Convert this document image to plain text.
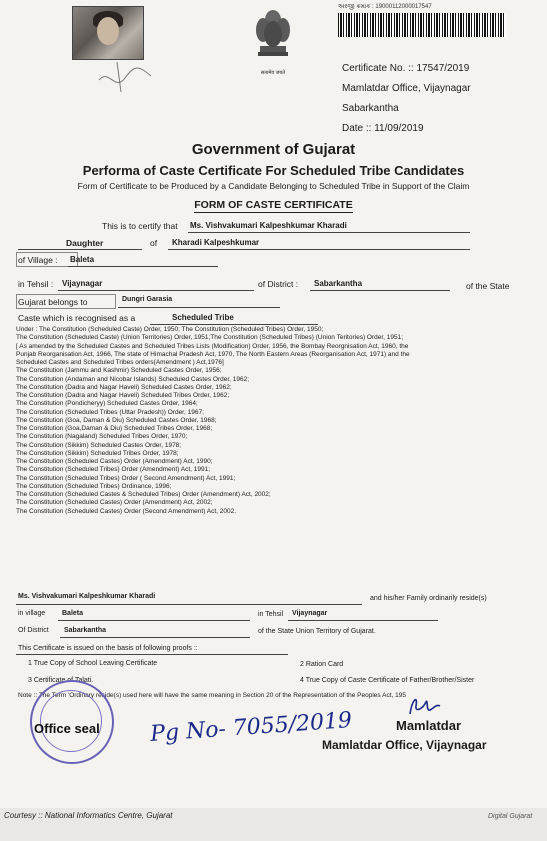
सत्यमेव जयते
અરજી ક્રમાંક : 19000112000017547
Certificate No. :: 17547/2019
Mamlatdar Office, Vijaynagar
Sabarkantha
Date :: 11/09/2019
Government of Gujarat
Performa of Caste Certificate For Scheduled Tribe Candidates
Form of Certificate to be Produced by a Candidate Belonging to Scheduled Tribe in Support of the Claim
FORM OF CASTE CERTIFICATE
This is to certify that Ms. Vishvakumari Kalpeshkumar Kharadi
Daughter	of Kharadi Kalpeshkumar
of Village : Baleta
in Tehsil : Vijaynagar	of District : Sabarkantha	of the State
Gujarat belongs to	Dungri Garasia
Caste which is recognised as a	Scheduled Tribe
Under : The Constitution (Scheduled Caste) Order, 1950; The Constitution (Scheduled Tribes) Order, 1950;
The Constitution (Scheduled Caste) (Union Territories) Order, 1951;The Constitution (Scheduled Tribes) (Union Teritories) Order, 1951;
[ As amended by the Scheduled Castes and Scheduled Tribes Lists (Modification) Order, 1956, the Bombay Reorgnisation Act, 1960, the
Punjab Reorganisation Act, 1966, The state of Himachal Pradesh Act, 1970, The North Eastern Areas (Reorganisation Act, 1971) and the
Scheduled Castes and Scheduled Tribes orders(Amendment ) Act,1976]
The Constitution (Jammu and Kashmir) Scheduled Castes Order, 1956;
The Constitution (Andaman and Nicobar Islands) Scheduled Castes Order, 1962;
The Constitution (Dadra and Nagar Haveli) Scheduled Castes Order, 1962;
The Constitution (Dadra and Nagar Haveli) Scheduled Tribes Order, 1962;
The Constitution (Pondicheryy) Scheduled Castes Order, 1964;
The Constitution (Scheduled Tribes (Uttar Pradesh)) Order, 1967;
The Constitution (Goa, Daman & Diu) Scheduled Castes Order, 1968;
The Constitution (Goa,Daman & Diu) Scheduled Tribes Order, 1968;
The Constitution (Nagaland) Scheduled Tribes Order, 1970;
The Constitution (Sikkim) Scheduled Castes Order, 1978;
The Constitution (Sikkim) Scheduled Tribes Order, 1978;
The Constitution (Scheduled Castes) Order (Amendment) Act, 1990;
The Constitution (Scheduled Tribes) Order (Amendment) Act, 1991;
The Constitution (Scheduled Tribes) Order ( Second Amendment) Act, 1991;
The Constitution (Scheduled Tribes) Ordinance, 1996;
The Constitution (Scheduled Castes & Scheduled Tribes) Order (Amendment) Act, 2002;
The Constitution (Scheduled Castes) Order (Amendment) Act, 2002;
The Constitution (Scheduled Castes) Order (Second Amendment) Act, 2002.
Ms. Vishvakumari Kalpeshkumar Kharadi	and his/her Family ordinarily reside(s)
in village Baleta	in Tehsil Vijaynagar
Of District Sabarkantha	of the State Union Territory of Gujarat.
This Certificate is issued on the basis of following proofs ::
1 True Copy of School Leaving Certificate	2 Ration Card
3 Certificate of Talati.	4 True Copy of Caste Certificate of Father/Brother/Sister
Note :: The Term 'Ordinary reside(s) used here will have the same meaning in Section 20 of the Representation of the Peoples Act, 195
Office seal Pg No- 7055/2019	Mamlatdar
Mamlatdar Office, Vijaynagar
Courtesy :: National Informatics Centre, Gujarat	Digital Gujarat
